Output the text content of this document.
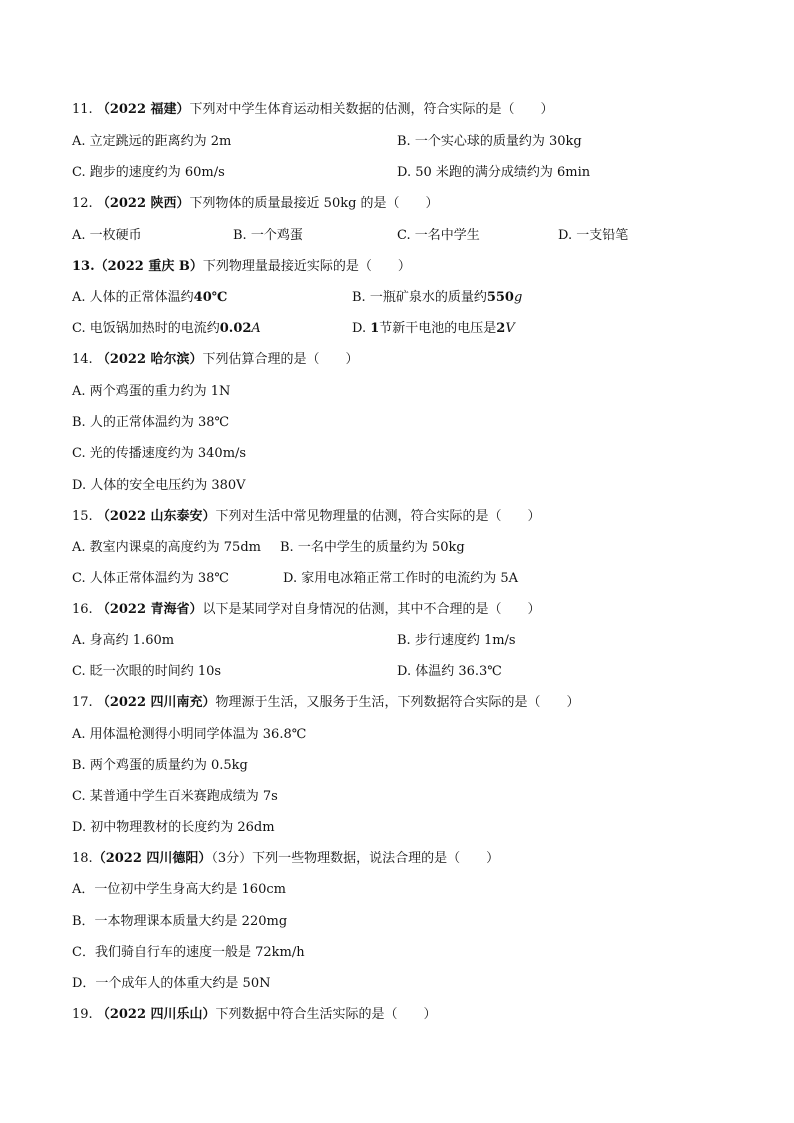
11. （2022 福建）下列对中学生体育运动相关数据的估测，符合实际的是（　　）
A. 立定跳远的距离约为 2m	B. 一个实心球的质量约为 30kg
C. 跑步的速度约为 60m/s	D. 50 米跑的满分成绩约为 6min
12. （2022 陕西）下列物体的质量最接近 50kg 的是（　　）
A. 一枚硬币	B. 一个鸡蛋	C. 一名中学生	D. 一支铅笔
13.（2022 重庆 B）下列物理量最接近实际的是（　　）
A. 人体的正常体温约40℃	B. 一瓶矿泉水的质量约550g
C. 电饭锅加热时的电流约0.02A	D. 1节新干电池的电压是2V
14. （2022 哈尔滨）下列估算合理的是（　　）
A. 两个鸡蛋的重力约为 1N
B. 人的正常体温约为 38℃
C. 光的传播速度约为 340m/s
D. 人体的安全电压约为 380V
15. （2022 山东泰安）下列对生活中常见物理量的估测，符合实际的是（　　）
A. 教室内课桌的高度约为 75dm B. 一名中学生的质量约为 50kg
C. 人体正常体温约为 38℃	D. 家用电冰箱正常工作时的电流约为 5A
16. （2022 青海省）以下是某同学对自身情况的估测，其中不合理的是（　　）
A. 身高约 1.60m	B. 步行速度约 1m/s
C. 眨一次眼的时间约 10s	D. 体温约 36.3℃
17. （2022 四川南充）物理源于生活，又服务于生活，下列数据符合实际的是（　　）
A. 用体温枪测得小明同学体温为 36.8℃
B. 两个鸡蛋的质量约为 0.5kg
C. 某普通中学生百米赛跑成绩为 7s
D. 初中物理教材的长度约为 26dm
18.（2022 四川德阳）（3分）下列一些物理数据，说法合理的是（　　）
A．一位初中学生身高大约是 160cm
B．一本物理课本质量大约是 220mg
C．我们骑自行车的速度一般是 72km/h
D．一个成年人的体重大约是 50N
19. （2022 四川乐山）下列数据中符合生活实际的是（　　）
